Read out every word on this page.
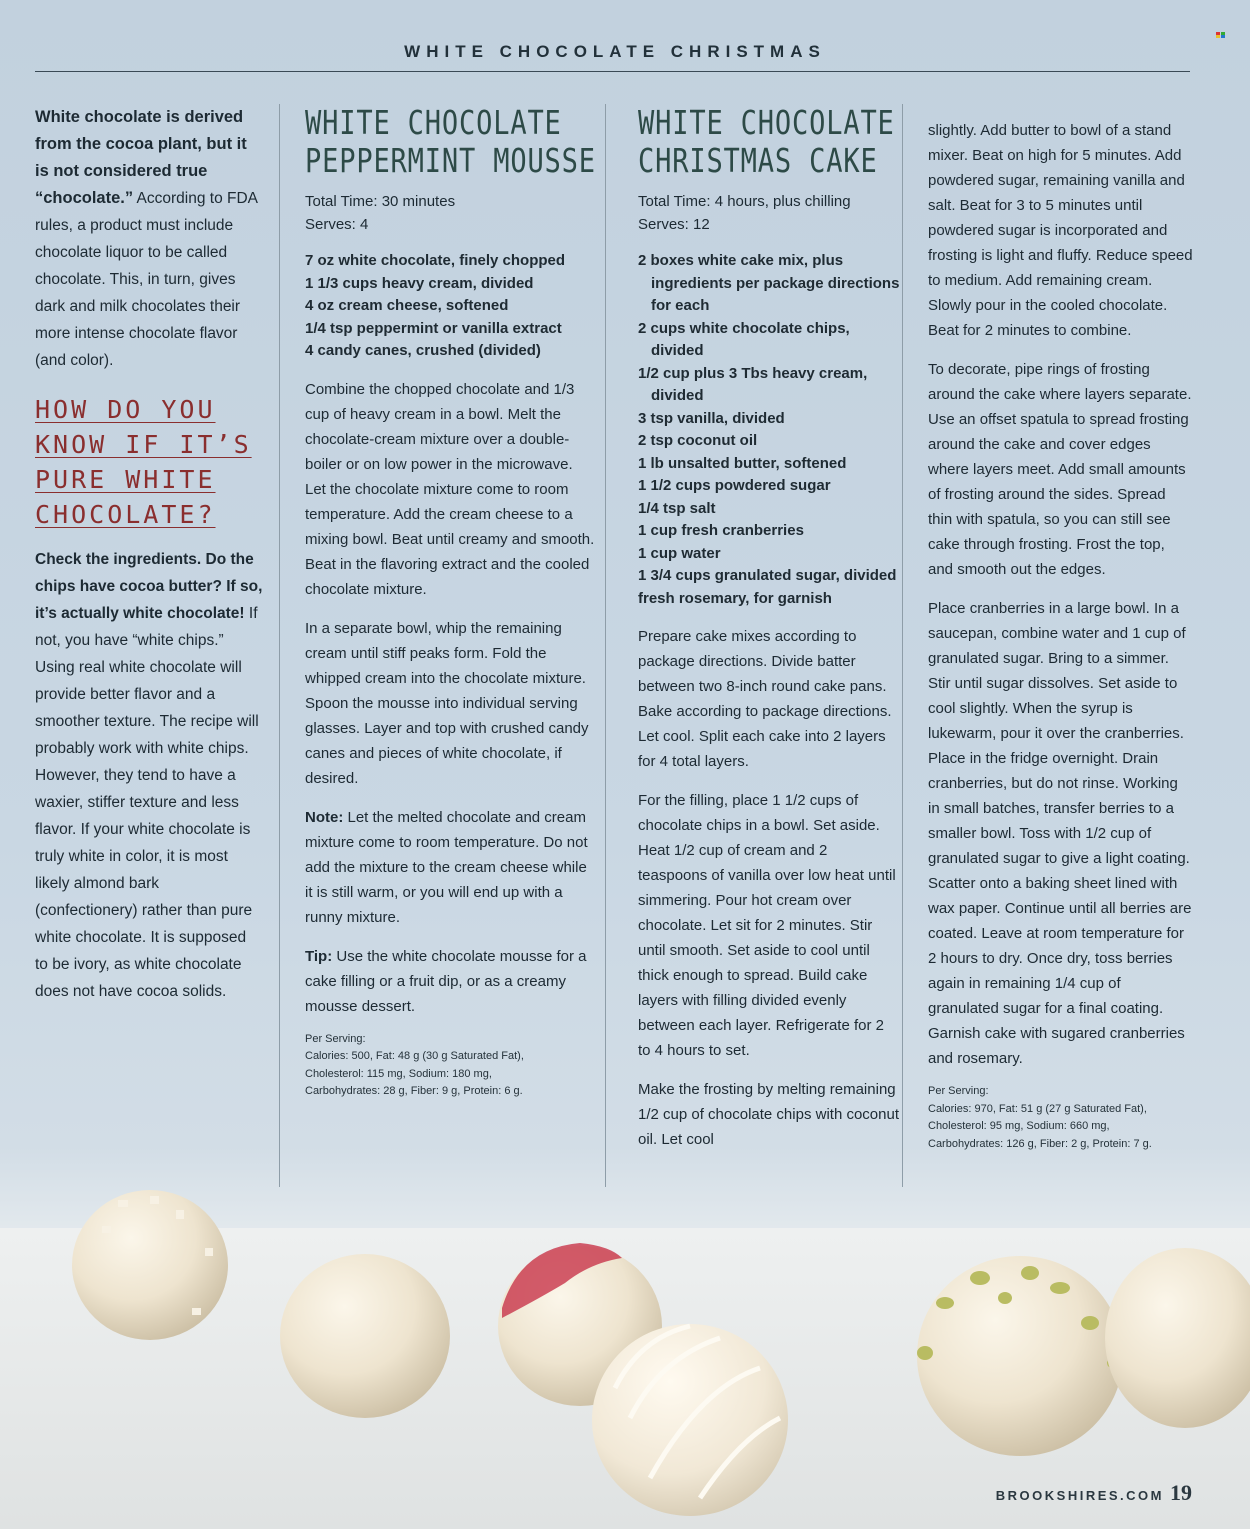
WHITE CHOCOLATE CHRISTMAS

White chocolate is derived from the cocoa plant, but it is not considered true “chocolate.” According to FDA rules, a product must include chocolate liquor to be called chocolate. This, in turn, gives dark and milk chocolates their more intense chocolate flavor (and color).

HOW DO YOU KNOW IF IT’S PURE WHITE CHOCOLATE?

Check the ingredients. Do the chips have cocoa butter? If so, it’s actually white chocolate! If not, you have “white chips.” Using real white chocolate will provide better flavor and a smoother texture. The recipe will probably work with white chips. However, they tend to have a waxier, stiffer texture and less flavor. If your white chocolate is truly white in color, it is most likely almond bark (confectionery) rather than pure white chocolate. It is supposed to be ivory, as white chocolate does not have cocoa solids.

WHITE CHOCOLATE
PEPPERMINT MOUSSE

Total Time: 30 minutes
Serves: 4

7 oz white chocolate, finely chopped
1 1/3 cups heavy cream, divided
4 oz cream cheese, softened
1/4 tsp peppermint or vanilla extract
4 candy canes, crushed (divided)

Combine the chopped chocolate and 1/3 cup of heavy cream in a bowl. Melt the chocolate-cream mixture over a double-boiler or on low power in the microwave. Let the chocolate mixture come to room temperature. Add the cream cheese to a mixing bowl. Beat until creamy and smooth. Beat in the flavoring extract and the cooled chocolate mixture.

In a separate bowl, whip the remaining cream until stiff peaks form. Fold the whipped cream into the chocolate mixture. Spoon the mousse into individual serving glasses. Layer and top with crushed candy canes and pieces of white chocolate, if desired.

Note: Let the melted chocolate and cream mixture come to room temperature. Do not add the mixture to the cream cheese while it is still warm, or you will end up with a runny mixture.

Tip: Use the white chocolate mousse for a cake filling or a fruit dip, or as a creamy mousse dessert.

Per Serving:
Calories: 500, Fat: 48 g (30 g Saturated Fat),
Cholesterol: 115 mg, Sodium: 180 mg,
Carbohydrates: 28 g, Fiber: 9 g, Protein: 6 g.

WHITE CHOCOLATE
CHRISTMAS CAKE

Total Time: 4 hours, plus chilling
Serves: 12

2 boxes white cake mix, plus ingredients per package directions for each
2 cups white chocolate chips, divided
1/2 cup plus 3 Tbs heavy cream, divided
3 tsp vanilla, divided
2 tsp coconut oil
1 lb unsalted butter, softened
1 1/2 cups powdered sugar
1/4 tsp salt
1 cup fresh cranberries
1 cup water
1 3/4 cups granulated sugar, divided
fresh rosemary, for garnish

Prepare cake mixes according to package directions. Divide batter between two 8-inch round cake pans. Bake according to package directions. Let cool. Split each cake into 2 layers for 4 total layers.

For the filling, place 1 1/2 cups of chocolate chips in a bowl. Set aside. Heat 1/2 cup of cream and 2 teaspoons of vanilla over low heat until simmering. Pour hot cream over chocolate. Let sit for 2 minutes. Stir until smooth. Set aside to cool until thick enough to spread. Build cake layers with filling divided evenly between each layer. Refrigerate for 2 to 4 hours to set.

Make the frosting by melting remaining 1/2 cup of chocolate chips with coconut oil. Let cool

slightly. Add butter to bowl of a stand mixer. Beat on high for 5 minutes. Add powdered sugar, remaining vanilla and salt. Beat for 3 to 5 minutes until powdered sugar is incorporated and frosting is light and fluffy. Reduce speed to medium. Add remaining cream. Slowly pour in the cooled chocolate. Beat for 2 minutes to combine.

To decorate, pipe rings of frosting around the cake where layers separate. Use an offset spatula to spread frosting around the cake and cover edges where layers meet. Add small amounts of frosting around the sides. Spread thin with spatula, so you can still see cake through frosting. Frost the top, and smooth out the edges.

Place cranberries in a large bowl. In a saucepan, combine water and 1 cup of granulated sugar. Bring to a simmer. Stir until sugar dissolves. Set aside to cool slightly. When the syrup is lukewarm, pour it over the cranberries. Place in the fridge overnight. Drain cranberries, but do not rinse. Working in small batches, transfer berries to a smaller bowl. Toss with 1/2 cup of granulated sugar to give a light coating. Scatter onto a baking sheet lined with wax paper. Continue until all berries are coated. Leave at room temperature for 2 hours to dry. Once dry, toss berries again in remaining 1/4 cup of granulated sugar for a final coating. Garnish cake with sugared cranberries and rosemary.

Per Serving:
Calories: 970, Fat: 51 g (27 g Saturated Fat),
Cholesterol: 95 mg, Sodium: 660 mg,
Carbohydrates: 126 g, Fiber: 2 g, Protein: 7 g.

BROOKSHIRES.COM 19
